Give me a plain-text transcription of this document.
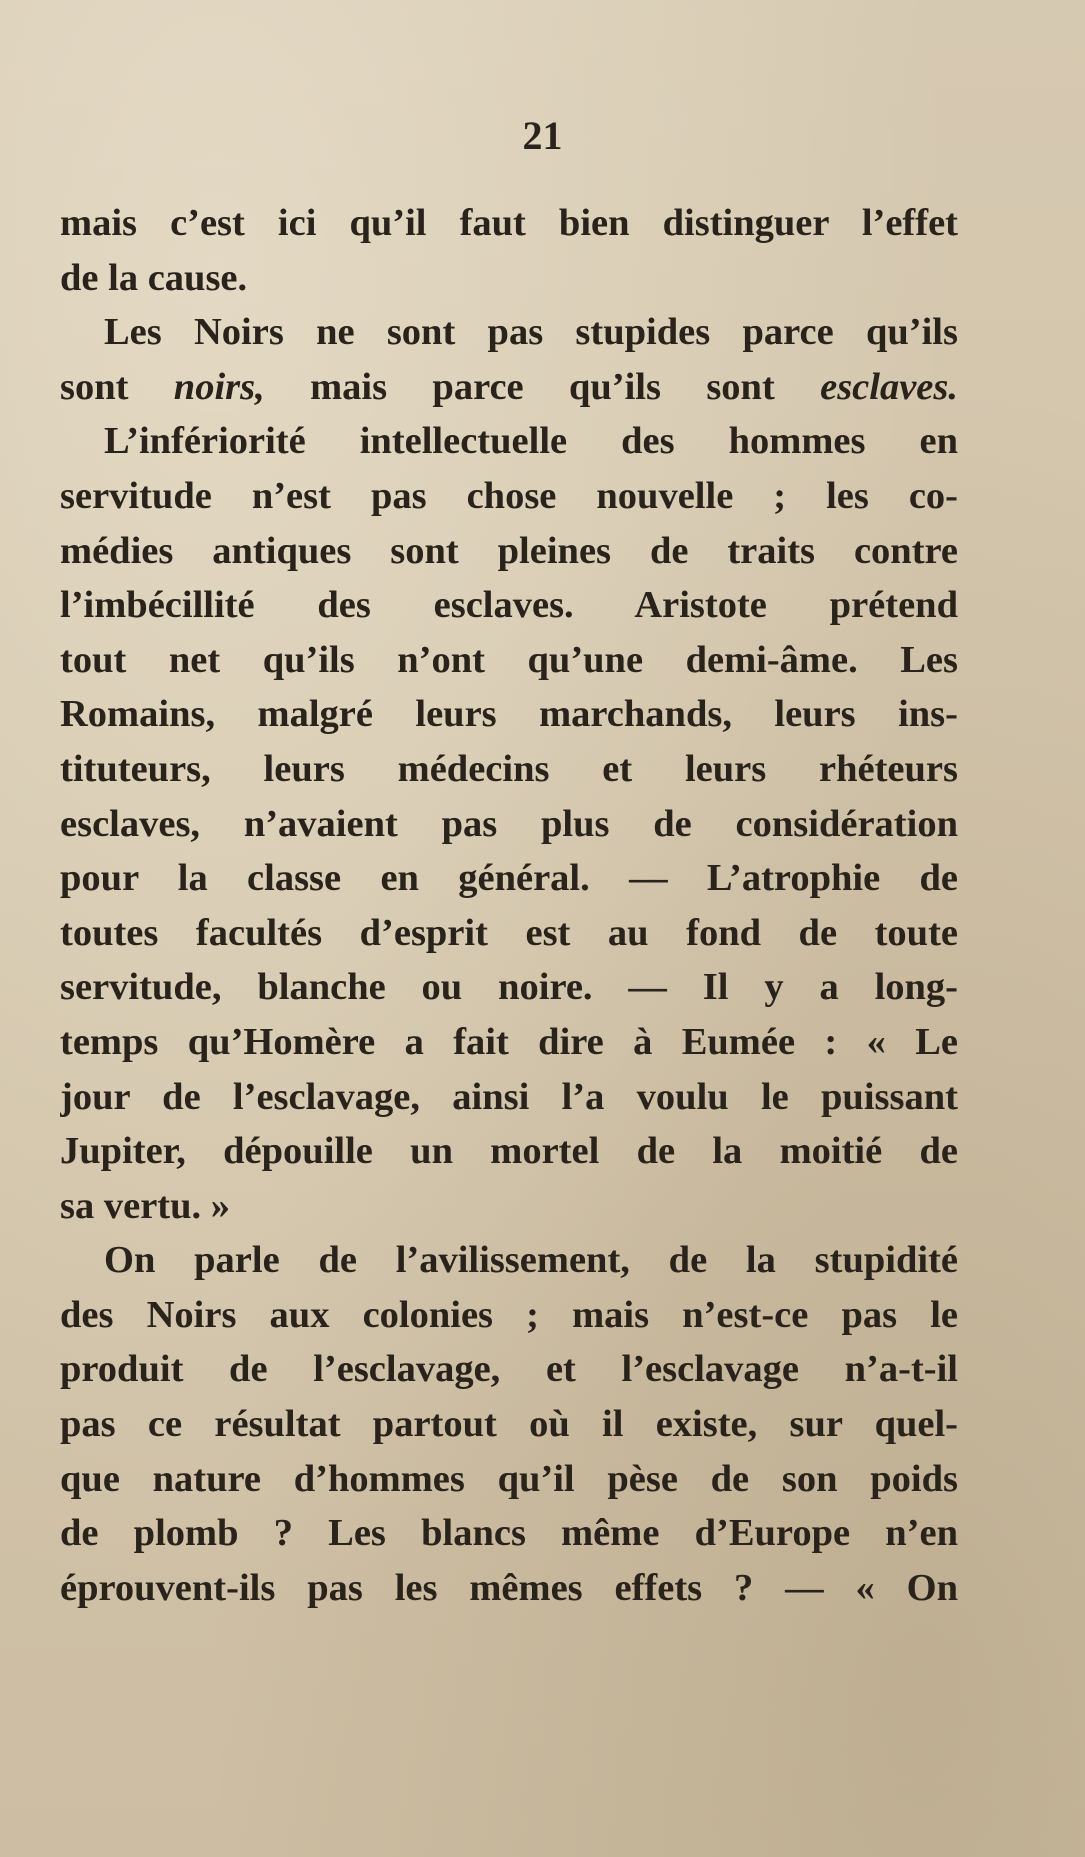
21
mais c’est ici qu’il faut bien distinguer l’effet
de la cause.
Les Noirs ne sont pas stupides parce qu’ils
sont noirs, mais parce qu’ils sont esclaves.
L’infériorité intellectuelle des hommes en
servitude n’est pas chose nouvelle ; les co-
médies antiques sont pleines de traits contre
l’imbécillité des esclaves. Aristote prétend
tout net qu’ils n’ont qu’une demi-âme. Les
Romains, malgré leurs marchands, leurs ins-
tituteurs, leurs médecins et leurs rhéteurs
esclaves, n’avaient pas plus de considération
pour la classe en général. — L’atrophie de
toutes facultés d’esprit est au fond de toute
servitude, blanche ou noire. — Il y a long-
temps qu’Homère a fait dire à Eumée : « Le
jour de l’esclavage, ainsi l’a voulu le puissant
Jupiter, dépouille un mortel de la moitié de
sa vertu. »
On parle de l’avilissement, de la stupidité
des Noirs aux colonies ; mais n’est-ce pas le
produit de l’esclavage, et l’esclavage n’a-t-il
pas ce résultat partout où il existe, sur quel-
que nature d’hommes qu’il pèse de son poids
de plomb ? Les blancs même d’Europe n’en
éprouvent-ils pas les mêmes effets ? — « On
